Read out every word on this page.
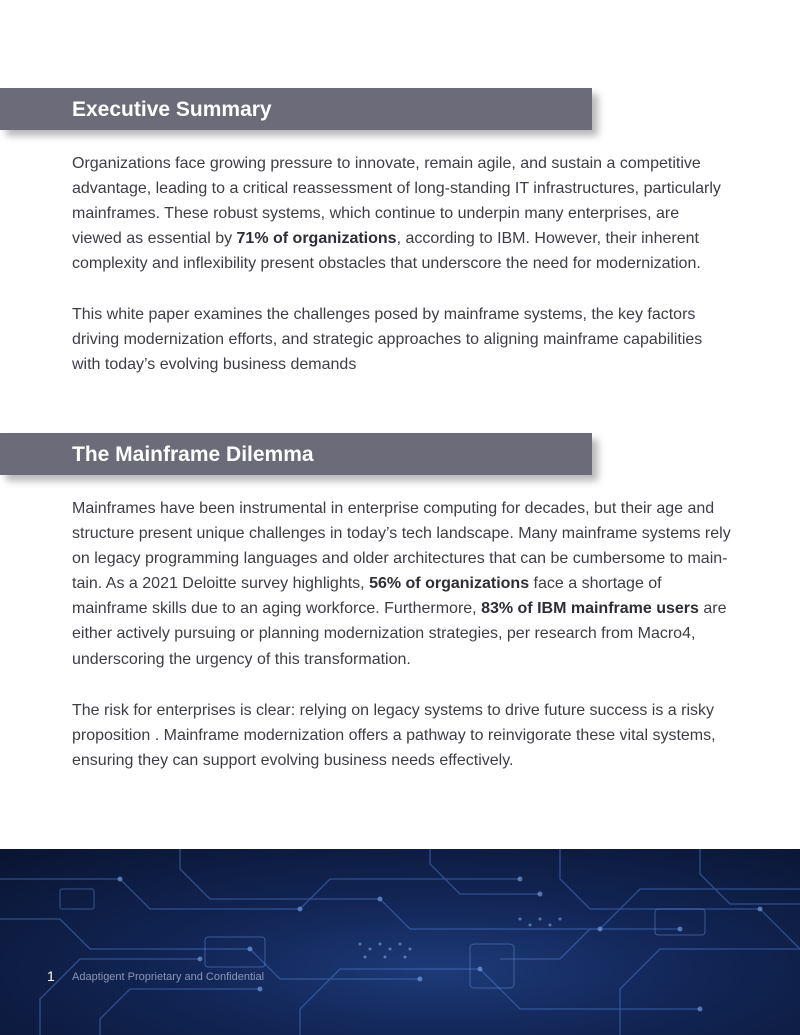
Executive Summary

Organizations face growing pressure to innovate, remain agile, and sustain a competitive advantage, leading to a critical reassessment of long-standing IT infrastructures, particularly mainframes. These robust systems, which continue to underpin many enterprises, are viewed as essential by 71% of organizations, according to IBM. However, their inherent complexity and inflexibility present obstacles that underscore the need for modernization.

This white paper examines the challenges posed by mainframe systems, the key factors driving modernization efforts, and strategic approaches to aligning mainframe capabilities with today’s evolving business demands

The Mainframe Dilemma

Mainframes have been instrumental in enterprise computing for decades, but their age and structure present unique challenges in today’s tech landscape. Many mainframe systems rely on legacy programming languages and older architectures that can be cumbersome to main-tain. As a 2021 Deloitte survey highlights, 56% of organizations face a shortage of mainframe skills due to an aging workforce. Furthermore, 83% of IBM mainframe users are either actively pursuing or planning modernization strategies, per research from Macro4, underscoring the urgency of this transformation.

The risk for enterprises is clear: relying on legacy systems to drive future success is a risky proposition . Mainframe modernization offers a pathway to reinvigorate these vital systems, ensuring they can support evolving business needs effectively.

1 Adaptigent Proprietary and Confidential
